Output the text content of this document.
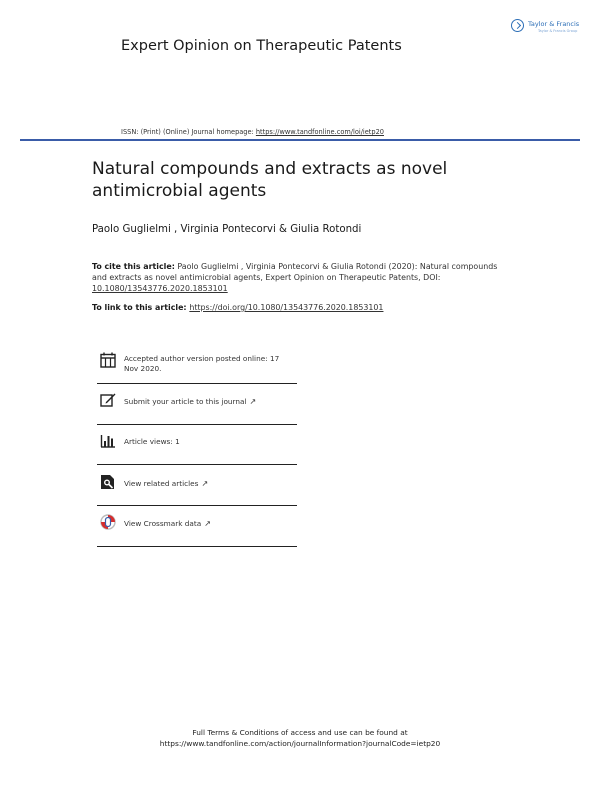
Expert Opinion on Therapeutic Patents
Taylor & Francis
Taylor & Francis Group
ISSN: (Print) (Online) Journal homepage: https://www.tandfonline.com/loi/ietp20
Natural compounds and extracts as novel antimicrobial agents
Paolo Guglielmi , Virginia Pontecorvi & Giulia Rotondi
To cite this article: Paolo Guglielmi , Virginia Pontecorvi & Giulia Rotondi (2020): Natural compounds and extracts as novel antimicrobial agents, Expert Opinion on Therapeutic Patents, DOI: 10.1080/13543776.2020.1853101
To link to this article: https://doi.org/10.1080/13543776.2020.1853101
Accepted author version posted online: 17 Nov 2020.
Submit your article to this journal ↗
Article views: 1
View related articles ↗
View Crossmark data ↗
Full Terms & Conditions of access and use can be found at
https://www.tandfonline.com/action/journalInformation?journalCode=ietp20
